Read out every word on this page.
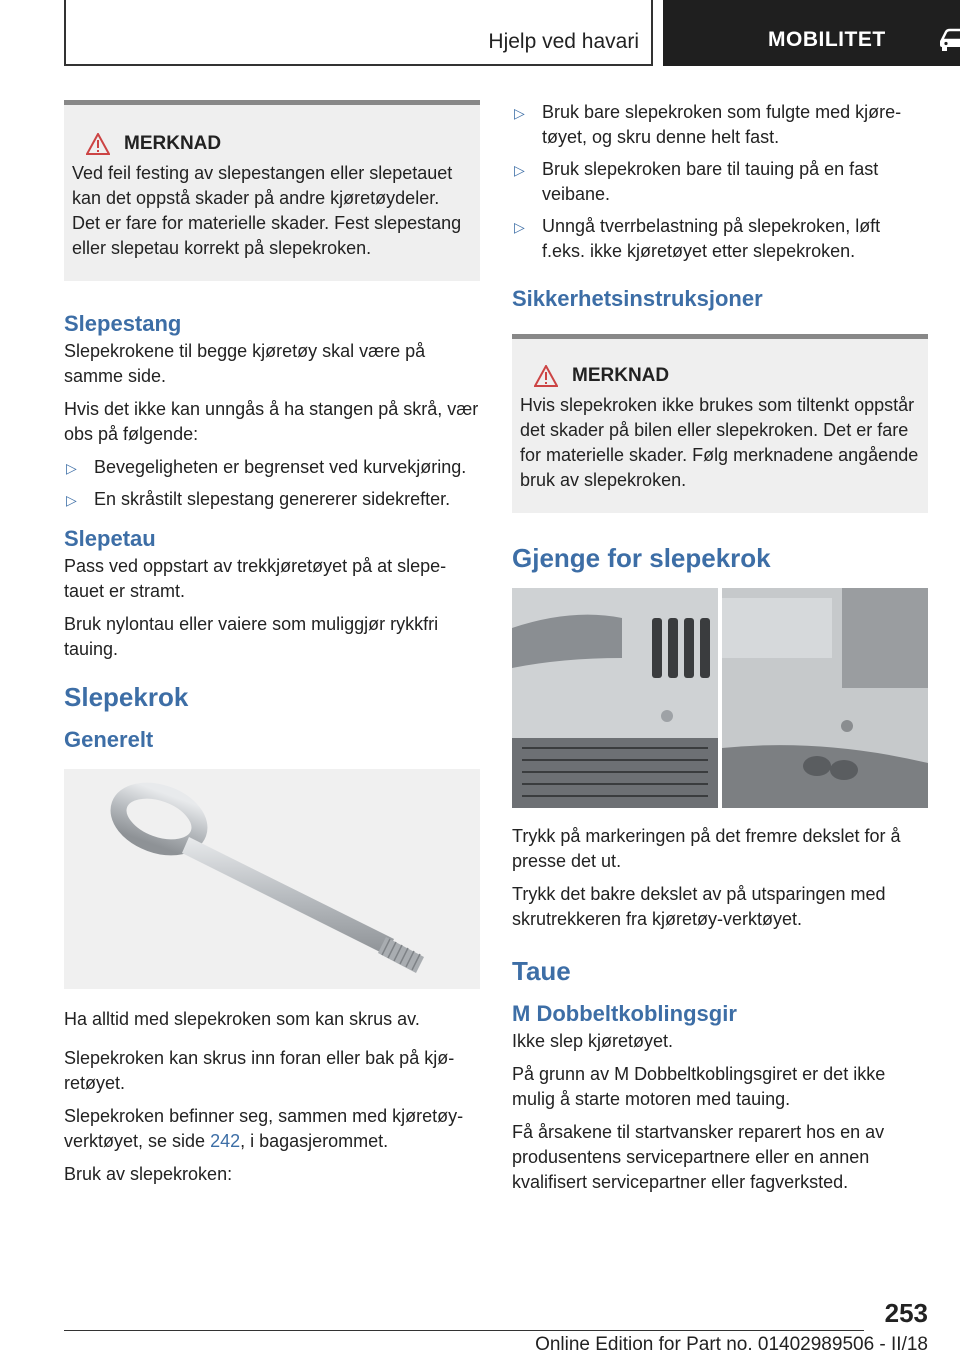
Hjelp ved havari	MOBILITET
MERKNAD
Ved feil festing av slepestangen eller slepetauet kan det oppstå skader på andre kjøretøydeler. Det er fare for materielle skader. Fest slepestang eller slepetau korrekt på slepekroken.
Slepestang

Slepekrokene til begge kjøretøy skal være på samme side.

Hvis det ikke kan unngås å ha stangen på skrå, vær obs på følgende:

▷ Bevegeligheten er begrenset ved kurvekjøring.
▷ En skråstilt slepestang genererer sidekrefter.
Slepetau

Pass ved oppstart av trekkjøretøyet på at slepetauet er stramt.

Bruk nylontau eller vaiere som muliggjør rykkfri tauing.

Slepekrok
Generelt

Ha alltid med slepekroken som kan skrus av.

Slepekroken kan skrus inn foran eller bak på kjøretøyet.

Slepekroken befinner seg, sammen med kjøretøy-verktøyet, se side 242, i bagasjerommet.

Bruk av slepekroken:

▷ Bruk bare slepekroken som fulgte med kjøretøyet, og skru denne helt fast.
▷ Bruk slepekroken bare til tauing på en fast veibane.
▷ Unngå tverrbelastning på slepekroken, løft f.eks. ikke kjøretøyet etter slepekroken.
Sikkerhetsinstruksjoner
MERKNAD
Hvis slepekroken ikke brukes som tiltenkt oppstår det skader på bilen eller slepekroken. Det er fare for materielle skader. Følg merknadene angående bruk av slepekroken.
Gjenge for slepekrok

Trykk på markeringen på det fremre dekslet for å presse det ut.

Trykk det bakre dekslet av på utsparingen med skrutrekkeren fra kjøretøy-verktøyet.

Taue
M Dobbeltkoblingsgir

Ikke slep kjøretøyet.

På grunn av M Dobbeltkoblingsgiret er det ikke mulig å starte motoren med tauing.

Få årsakene til startvansker reparert hos en av produsentens servicepartnere eller en annen kvalifisert servicepartner eller fagverksted.

253
Online Edition for Part no. 01402989506 - II/18
